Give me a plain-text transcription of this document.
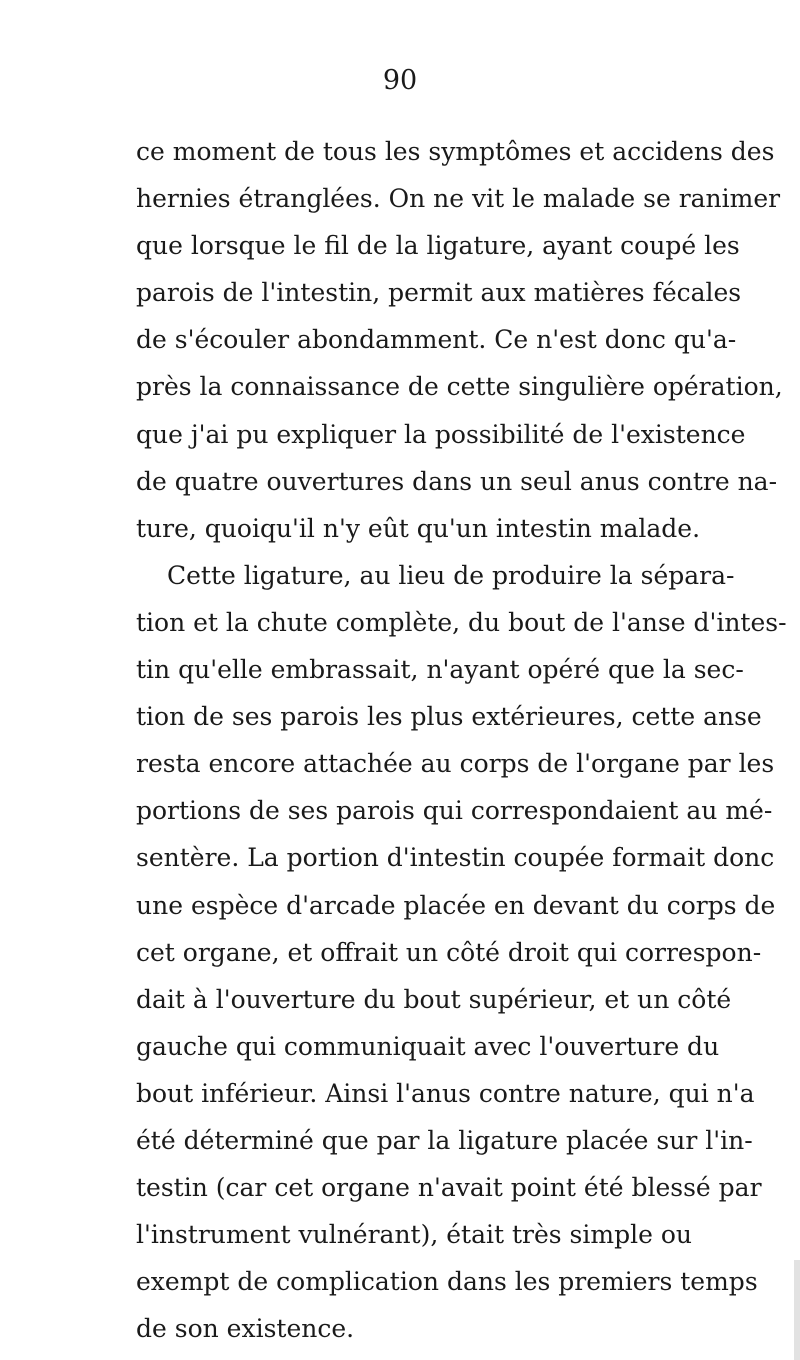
90
ce moment de tous les symptômes et accidens des
hernies étranglées. On ne vit le malade se ranimer
que lorsque le fil de la ligature, ayant coupé les
parois de l'intestin, permit aux matières fécales
de s'écouler abondamment. Ce n'est donc qu'a-
près la connaissance de cette singulière opération,
que j'ai pu expliquer la possibilité de l'existence
de quatre ouvertures dans un seul anus contre na-
ture, quoiqu'il n'y eût qu'un intestin malade.
Cette ligature, au lieu de produire la sépara-
tion et la chute complète, du bout de l'anse d'intes-
tin qu'elle embrassait, n'ayant opéré que la sec-
tion de ses parois les plus extérieures, cette anse
resta encore attachée au corps de l'organe par les
portions de ses parois qui correspondaient au mé-
sentère. La portion d'intestin coupée formait donc
une espèce d'arcade placée en devant du corps de
cet organe, et offrait un côté droit qui correspon-
dait à l'ouverture du bout supérieur, et un côté
gauche qui communiquait avec l'ouverture du
bout inférieur. Ainsi l'anus contre nature, qui n'a
été déterminé que par la ligature placée sur l'in-
testin (car cet organe n'avait point été blessé par
l'instrument vulnérant), était très simple ou
exempt de complication dans les premiers temps
de son existence.
